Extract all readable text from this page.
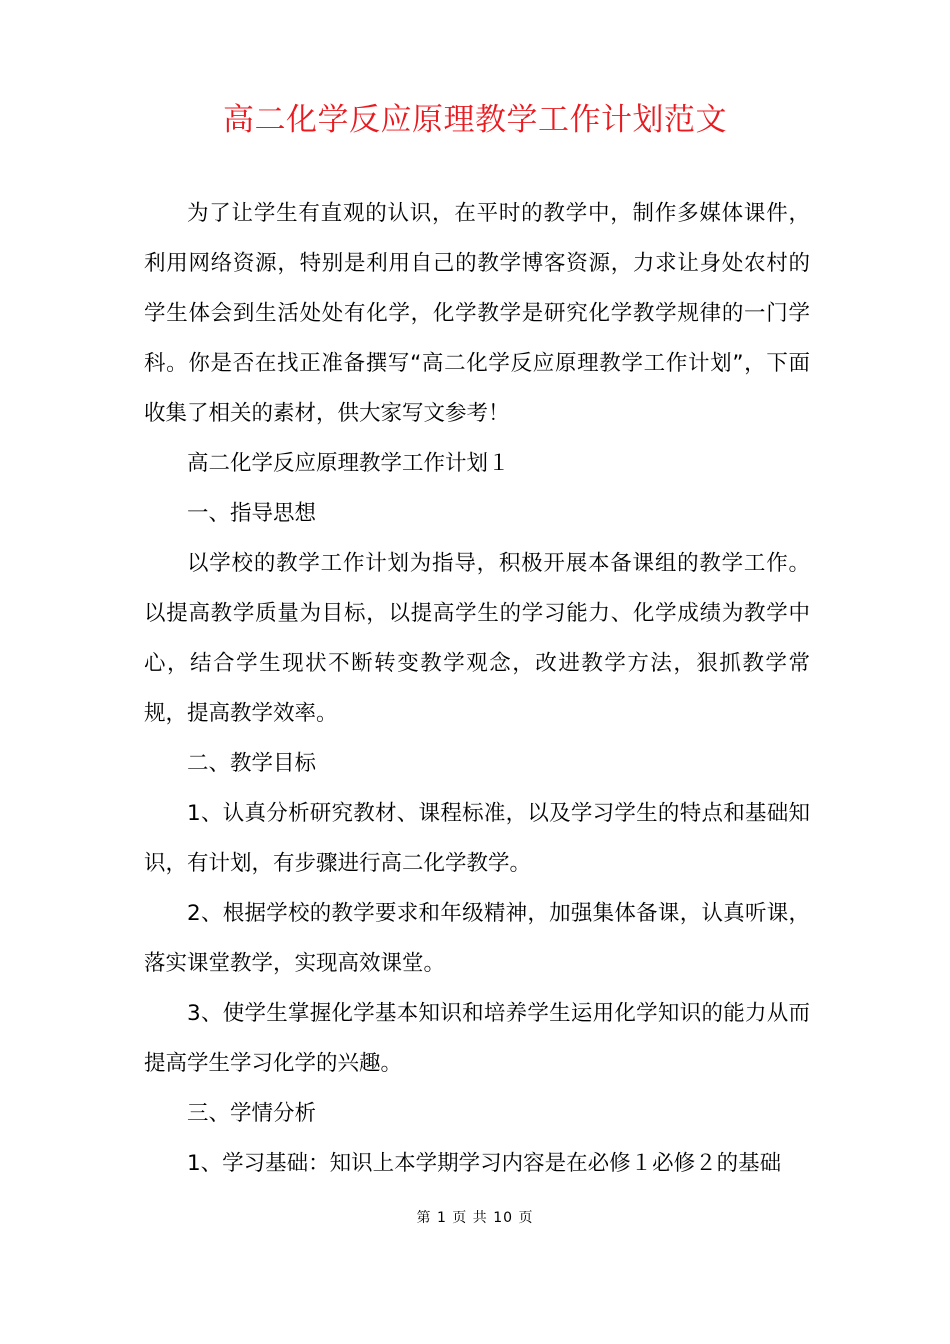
高二化学反应原理教学工作计划范文

为了让学生有直观的认识，在平时的教学中，制作多媒体课件，利用网络资源，特别是利用自己的教学博客资源，力求让身处农村的学生体会到生活处处有化学，化学教学是研究化学教学规律的一门学科。你是否在找正准备撰写“高二化学反应原理教学工作计划”，下面收集了相关的素材，供大家写文参考！

高二化学反应原理教学工作计划１

一、指导思想

以学校的教学工作计划为指导，积极开展本备课组的教学工作。以提高教学质量为目标，以提高学生的学习能力、化学成绩为教学中心，结合学生现状不断转变教学观念，改进教学方法，狠抓教学常规，提高教学效率。

二、教学目标

1、认真分析研究教材、课程标准，以及学习学生的特点和基础知识，有计划，有步骤进行高二化学教学。

2、根据学校的教学要求和年级精神，加强集体备课，认真听课，落实课堂教学，实现高效课堂。

3、使学生掌握化学基本知识和培养学生运用化学知识的能力从而提高学生学习化学的兴趣。

三、学情分析

1、学习基础：知识上本学期学习内容是在必修１必修２的基础

第 1 页 共 10 页
